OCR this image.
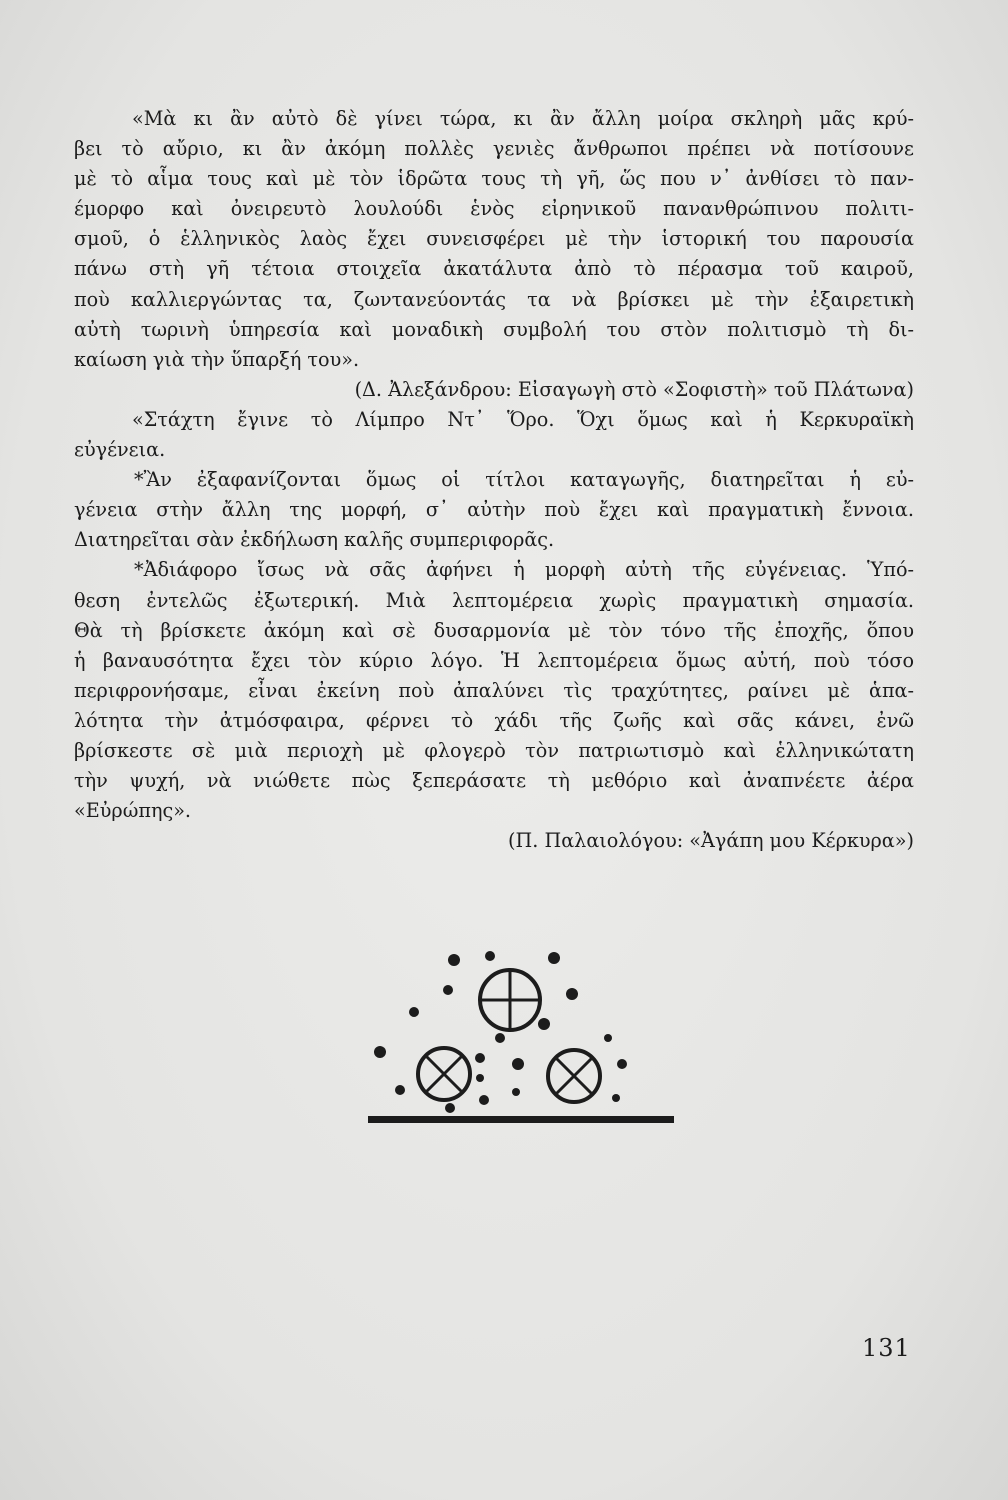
«Μὰ κι ἂν αὐτὸ δὲ γίνει τώρα, κι ἂν ἄλλη μοίρα σκληρὴ μᾶς κρύ-
βει τὸ αὔριο, κι ἂν ἀκόμη πολλὲς γενιὲς ἄνθρωποι πρέπει νὰ ποτίσουνε
μὲ τὸ αἷμα τους καὶ μὲ τὸν ἱδρῶτα τους τὴ γῆ, ὥς που ν᾿ ἀνθίσει τὸ παν-
έμορφο καὶ ὀνειρευτὸ λουλούδι ἑνὸς εἰρηνικοῦ πανανθρώπινου πολιτι-
σμοῦ, ὁ ἑλληνικὸς λαὸς ἔχει συνεισφέρει μὲ τὴν ἱστορική του παρουσία
πάνω στὴ γῆ τέτοια στοιχεῖα ἀκατάλυτα ἀπὸ τὸ πέρασμα τοῦ καιροῦ,
ποὺ καλλιεργώντας τα, ζωντανεύοντάς τα νὰ βρίσκει μὲ τὴν ἐξαιρετικὴ
αὐτὴ τωρινὴ ὑπηρεσία καὶ μοναδικὴ συμβολή του στὸν πολιτισμὸ τὴ δι-
καίωση γιὰ τὴν ὕπαρξή του».
(Δ. Ἀλεξάνδρου: Εἰσαγωγὴ στὸ «Σοφιστὴ» τοῦ Πλάτωνα)
«Στάχτη ἔγινε τὸ Λίμπρο Ντ᾿ Ὅρο. Ὅχι ὅμως καὶ ἡ Κερκυραϊκὴ
εὐγένεια.
*Ἂν ἐξαφανίζονται ὅμως οἱ τίτλοι καταγωγῆς, διατηρεῖται ἡ εὐ-
γένεια στὴν ἄλλη της μορφή, σ᾿ αὐτὴν ποὺ ἔχει καὶ πραγματικὴ ἔννοια.
Διατηρεῖται σὰν ἐκδήλωση καλῆς συμπεριφορᾶς.
*Ἀδιάφορο ἴσως νὰ σᾶς ἀφήνει ἡ μορφὴ αὐτὴ τῆς εὐγένειας. Ὑπό-
θεση ἐντελῶς ἐξωτερική. Μιὰ λεπτομέρεια χωρὶς πραγματικὴ σημασία.
Θὰ τὴ βρίσκετε ἀκόμη καὶ σὲ δυσαρμονία μὲ τὸν τόνο τῆς ἐποχῆς, ὅπου
ἡ βαναυσότητα ἔχει τὸν κύριο λόγο. Ἡ λεπτομέρεια ὅμως αὐτή, ποὺ τόσο
περιφρονήσαμε, εἶναι ἐκείνη ποὺ ἀπαλύνει τὶς τραχύτητες, ραίνει μὲ ἁπα-
λότητα τὴν ἀτμόσφαιρα, φέρνει τὸ χάδι τῆς ζωῆς καὶ σᾶς κάνει, ἐνῶ
βρίσκεστε σὲ μιὰ περιοχὴ μὲ φλογερὸ τὸν πατριωτισμὸ καὶ ἑλληνικώτατη
τὴν ψυχή, νὰ νιώθετε πὼς ξεπεράσατε τὴ μεθόριο καὶ ἀναπνέετε ἀέρα
«Εὐρώπης».
(Π. Παλαιολόγου: «Ἀγάπη μου Κέρκυρα»)
131
